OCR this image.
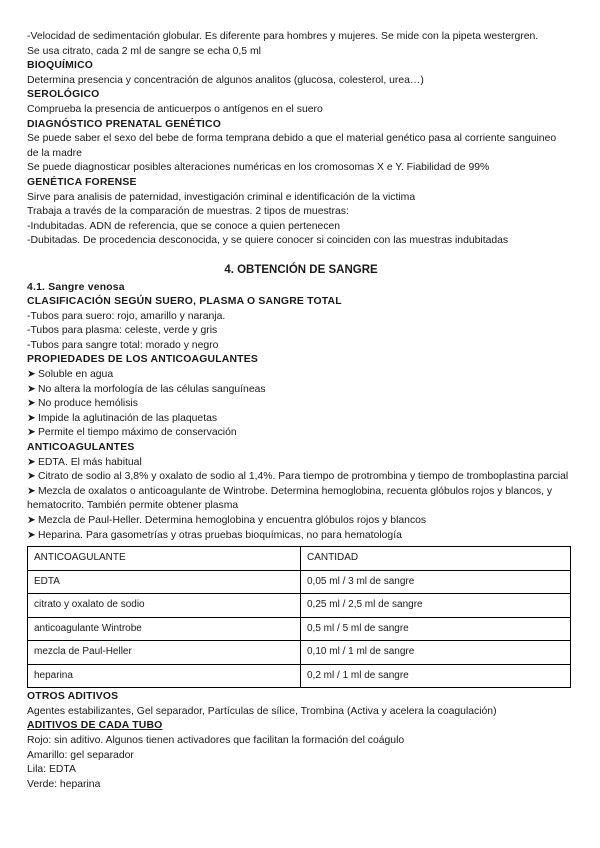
-Velocidad de sedimentación globular. Es diferente para hombres y mujeres. Se mide con la pipeta westergren. Se usa citrato, cada 2 ml de sangre se echa 0,5 ml
BIOQUÍMICO
Determina presencia y concentración de algunos analitos (glucosa, colesterol, urea…)
SEROLÓGICO
Comprueba la presencia de anticuerpos o antígenos en el suero
DIAGNÓSTICO PRENATAL GENÉTICO
Se puede saber el sexo del bebe de forma temprana debido a que el material genético pasa al corriente sanguineo de la madre
Se puede diagnosticar posibles alteraciones numéricas en los cromosomas X e Y. Fiabilidad de 99%
GENÉTICA FORENSE
Sirve para analisis de paternidad, investigación criminal e identificación de la victima
Trabaja a través de la comparación de muestras. 2 tipos de muestras:
-Indubitadas. ADN de referencia, que se conoce a quien pertenecen
-Dubitadas. De procedencia desconocida, y se quiere conocer si coinciden con las muestras indubitadas
4. OBTENCIÓN DE SANGRE
4.1. Sangre venosa
CLASIFICACIÓN SEGÚN SUERO, PLASMA O SANGRE TOTAL
-Tubos para suero: rojo, amarillo y naranja.
-Tubos para plasma: celeste, verde y gris
-Tubos para sangre total: morado y negro
PROPIEDADES DE LOS ANTICOAGULANTES
➤ Soluble en agua
➤ No altera la morfología de las células sanguíneas
➤ No produce hemólisis
➤ Impide la aglutinación de las plaquetas
➤ Permite el tiempo máximo de conservación
ANTICOAGULANTES
➤ EDTA. El más habitual
➤ Citrato de sodio al 3,8% y oxalato de sodio al 1,4%. Para tiempo de protrombina y tiempo de tromboplastina parcial
➤ Mezcla de oxalatos o anticoagulante de Wintrobe. Determina hemoglobina, recuenta glóbulos rojos y blancos, y hematocrito. También permite obtener plasma
➤ Mezcla de Paul-Heller. Determina hemoglobina y encuentra glóbulos rojos y blancos
➤ Heparina. Para gasometrías y otras pruebas bioquímicas, no para hematología
ANTICOAGULANTE	CANTIDAD
EDTA	0,05 ml / 3 ml de sangre
citrato y oxalato de sodio	0,25 ml / 2,5 ml de sangre
anticoagulante Wintrobe	0,5 ml / 5 ml de sangre
mezcla de Paul-Heller	0,10 ml / 1 ml de sangre
heparina	0,2 ml / 1 ml de sangre
OTROS ADITIVOS
Agentes estabilizantes, Gel separador, Partículas de sílice, Trombina (Activa y acelera la coagulación)
ADITIVOS DE CADA TUBO
Rojo: sin aditivo. Algunos tienen activadores que facilitan la formación del coágulo
Amarillo: gel separador
Lila: EDTA
Verde: heparina
